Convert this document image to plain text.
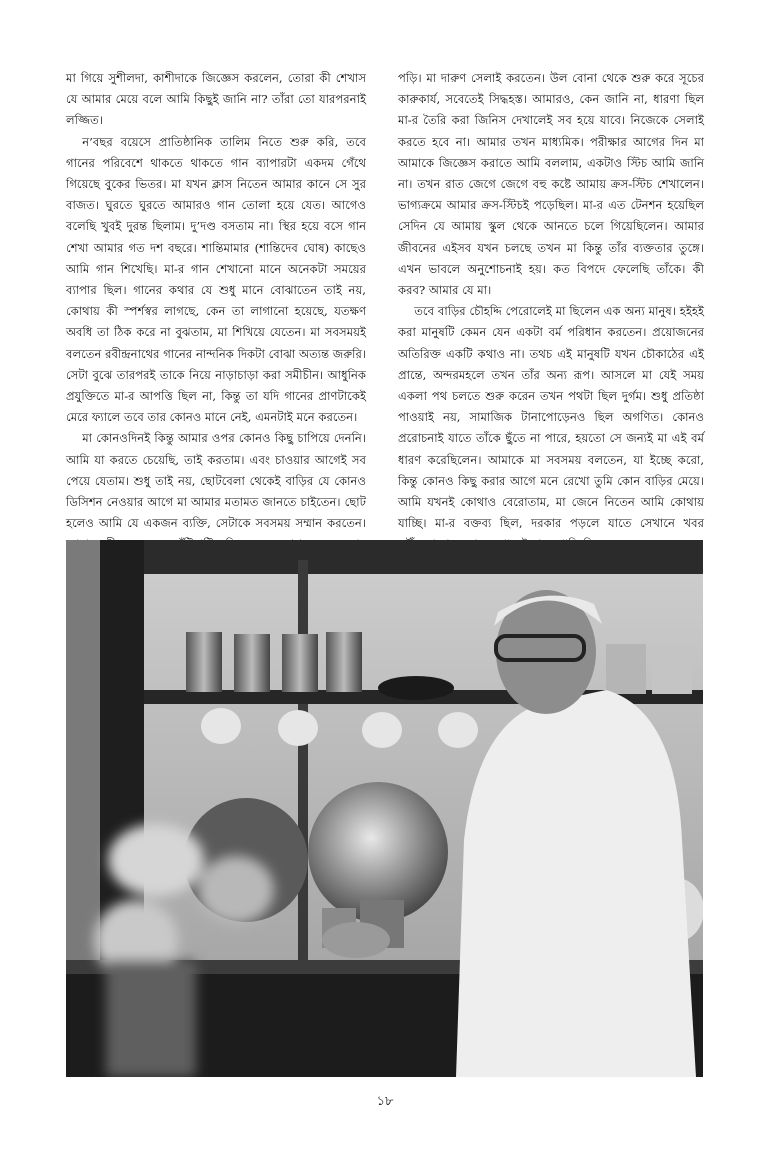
মা গিয়ে সুশীলদা, কাশীদাকে জিজ্ঞেস করলেন, তোরা কী শেখাস যে আমার মেয়ে বলে আমি কিছুই জানি না? তাঁরা তো যারপরনাই লজ্জিত।

ন’বছর বয়েসে প্রাতিষ্ঠানিক তালিম নিতে শুরু করি, তবে গানের পরিবেশে থাকতে থাকতে গান ব্যাপারটা একদম গেঁথে গিয়েছে বুকের ভিতর। মা যখন ক্লাস নিতেন আমার কানে সে সুর বাজত। ঘুরতে ঘুরতে আমারও গান তোলা হয়ে যেত। আগেও বলেছি খুবই দুরন্ত ছিলাম। দু’দণ্ড বসতাম না। স্থির হয়ে বসে গান শেখা আমার গত দশ বছরে। শান্তিমামার (শান্তিদেব ঘোষ) কাছেও আমি গান শিখেছি। মা-র গান শেখানো মানে অনেকটা সময়ের ব্যাপার ছিল। গানের কথার যে শুধু মানে বোঝাতেন তাই নয়, কোথায় কী স্পর্শস্বর লাগছে, কেন তা লাগানো হয়েছে, যতক্ষণ অবধি তা ঠিক করে না বুঝতাম, মা শিখিয়ে যেতেন। মা সবসময়ই বলতেন রবীন্দ্রনাথের গানের নান্দনিক দিকটা বোঝা অত্যন্ত জরুরি। সেটা বুঝে তারপরই তাকে নিয়ে নাড়াচাড়া করা সমীচীন। আধুনিক প্রযুক্তিতে মা-র আপত্তি ছিল না, কিন্তু তা যদি গানের প্রাণটাকেই মেরে ফ্যালে তবে তার কোনও মানে নেই, এমনটাই মনে করতেন।

মা কোনওদিনই কিন্তু আমার ওপর কোনও কিছু চাপিয়ে দেননি। আমি যা করতে চেয়েছি, তাই করতাম। এবং চাওয়ার আগেই সব পেয়ে যেতাম। শুধু তাই নয়, ছোটবেলা থেকেই বাড়ির যে কোনও ডিসিশন নেওয়ার আগে মা আমার মতামত জানতে চাইতেন। ছোট হলেও আমি যে একজন ব্যক্তি, সেটাকে সবসময় সম্মান করতেন।

পড়ি। মা দারুণ সেলাই করতেন। উল বোনা থেকে শুরু করে সূচের কারুকার্য, সবেতেই সিদ্ধহস্ত। আমারও, কেন জানি না, ধারণা ছিল মা-র তৈরি করা জিনিস দেখালেই সব হয়ে যাবে। নিজেকে সেলাই করতে হবে না। আমার তখন মাধ্যমিক। পরীক্ষার আগের দিন মা আমাকে জিজ্ঞেস করাতে আমি বললাম, একটাও স্টিচ আমি জানি না। তখন রাত জেগে জেগে বহু কষ্টে আমায় ক্রস-স্টিচ শেখালেন। ভাগ্যক্রমে আমার ক্রস-স্টিচই পড়েছিল। মা-র এত টেনশন হয়েছিল সেদিন যে আমায় স্কুল থেকে আনতে চলে গিয়েছিলেন। আমার জীবনের এইসব যখন চলছে তখন মা কিন্তু তাঁর ব্যক্ততার তুঙ্গে। এখন ভাবলে অনুশোচনাই হয়। কত বিপদে ফেলেছি তাঁকে। কী করব? আমার যে মা।

তবে বাড়ির চৌহদ্দি পেরোলেই মা ছিলেন এক অন্য মানুষ। হইহই করা মানুষটি কেমন যেন একটা বর্ম পরিধান করতেন। প্রয়োজনের অতিরিক্ত একটি কথাও না। তথচ এই মানুষটি যখন চৌকাঠের এই প্রান্তে, অন্দরমহলে তখন তাঁর অন্য রূপ। আসলে মা যেই সময় একলা পথ চলতে শুরু করেন তখন পথটা ছিল দুর্গম। শুধু প্রতিষ্ঠা পাওয়াই নয়, সামাজিক টানাপোড়েনও ছিল অগণিত। কোনও প্ররোচনাই যাতে তাঁকে ছুঁতে না পারে, হয়তো সে জন্যই মা এই বর্ম ধারণ করেছিলেন। আমাকে মা সবসময় বলতেন, যা ইচ্ছে করো, কিন্তু কোনও কিছু করার আগে মনে রেখো তুমি কোন বাড়ির মেয়ে। আমি যখনই কোথাও বেরোতাম, মা জেনে নিতেন আমি কোথায় যাচ্ছি। মা-র বক্তব্য ছিল, দরকার পড়লে যাতে সেখানে খবর

১৮
